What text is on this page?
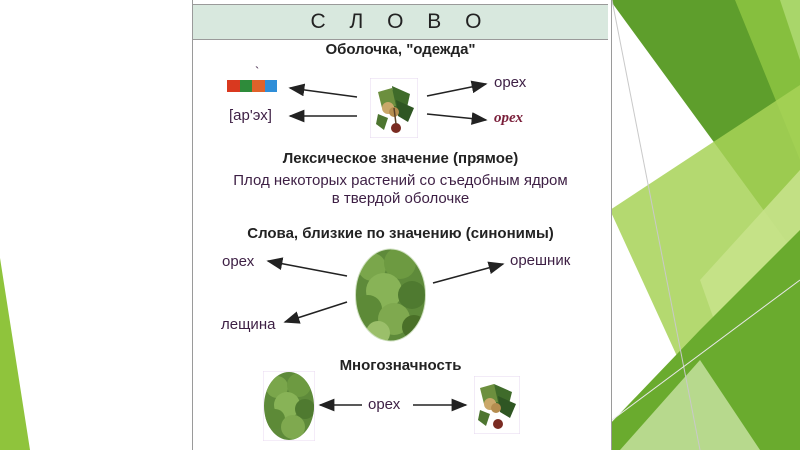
С Л О В О
Оболочка, "одежда"
`
[ар'эх]
орех
орех
Лексическое значение (прямое)
Плод некоторых растений со съедобным ядром
в твердой оболочке
Слова, близкие по значению (синонимы)
орех	орешник
лещина
Многозначность
орех
